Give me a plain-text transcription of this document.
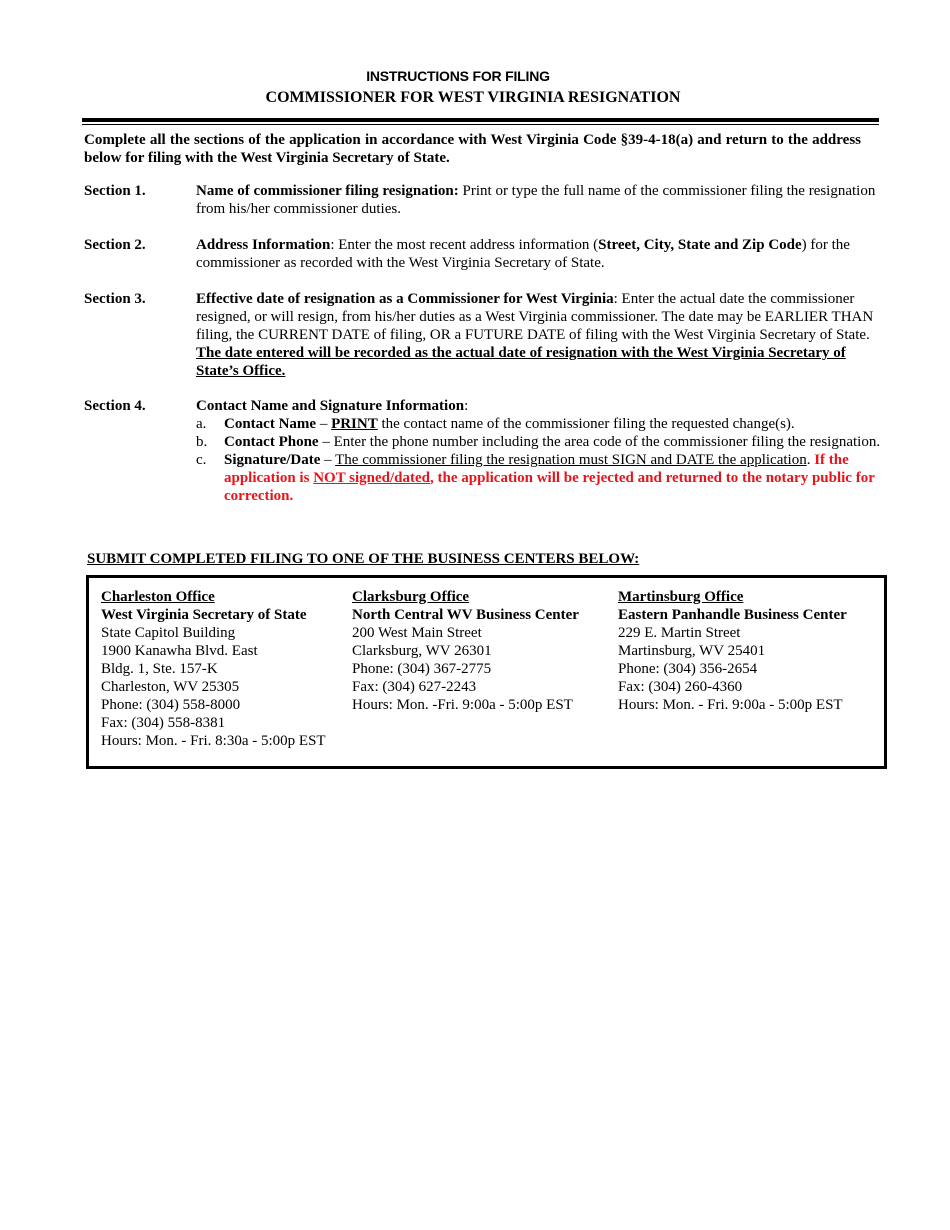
INSTRUCTIONS FOR FILING
COMMISSIONER FOR WEST VIRGINIA RESIGNATION
Complete all the sections of the application in accordance with West Virginia Code §39-4-18(a) and return to the address below for filing with the West Virginia Secretary of State.
Section 1.	Name of commissioner filing resignation: Print or type the full name of the commissioner filing the resignation from his/her commissioner duties.
Section 2.	Address Information: Enter the most recent address information (Street, City, State and Zip Code) for the commissioner as recorded with the West Virginia Secretary of State.
Section 3.	Effective date of resignation as a Commissioner for West Virginia: Enter the actual date the commissioner resigned, or will resign, from his/her duties as a West Virginia commissioner. The date may be EARLIER THAN filing, the CURRENT DATE of filing, OR a FUTURE DATE of filing with the West Virginia Secretary of State. The date entered will be recorded as the actual date of resignation with the West Virginia Secretary of State’s Office.
Section 4.	Contact Name and Signature Information:
a. Contact Name – PRINT the contact name of the commissioner filing the requested change(s).
b. Contact Phone – Enter the phone number including the area code of the commissioner filing the resignation.
c. Signature/Date – The commissioner filing the resignation must SIGN and DATE the application. If the application is NOT signed/dated, the application will be rejected and returned to the notary public for correction.
SUBMIT COMPLETED FILING TO ONE OF THE BUSINESS CENTERS BELOW:
Charleston Office
West Virginia Secretary of State
State Capitol Building
1900 Kanawha Blvd. East
Bldg. 1, Ste. 157-K
Charleston, WV 25305
Phone: (304) 558-8000
Fax: (304) 558-8381
Hours: Mon. - Fri. 8:30a - 5:00p EST
Clarksburg Office
North Central WV Business Center
200 West Main Street
Clarksburg, WV 26301
Phone: (304) 367-2775
Fax: (304) 627-2243
Hours: Mon. -Fri. 9:00a - 5:00p EST
Martinsburg Office
Eastern Panhandle Business Center
229 E. Martin Street
Martinsburg, WV 25401
Phone: (304) 356-2654
Fax: (304) 260-4360
Hours: Mon. - Fri. 9:00a - 5:00p EST
